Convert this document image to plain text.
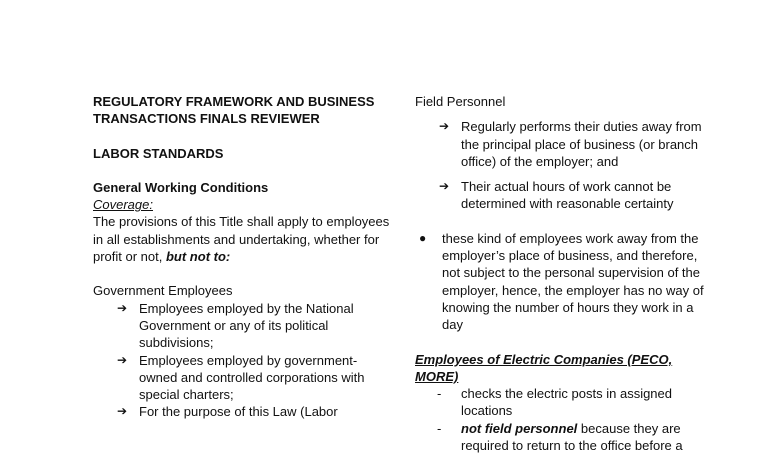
REGULATORY FRAMEWORK AND BUSINESS

TRANSACTIONS FINALS REVIEWER

LABOR STANDARDS

General Working Conditions

Coverage:

The provisions of this Title shall apply to employees in all establishments and undertaking, whether for profit or not, but not to:

Government Employees

➔ Employees employed by the National Government or any of its political subdivisions;
➔ Employees employed by government-owned and controlled corporations with special charters;
➔ For the purpose of this Law (Labor

Field Personnel

➔ Regularly performs their duties away from the principal place of business (or branch office) of the employer; and
➔ Their actual hours of work cannot be determined with reasonable certainty
● these kind of employees work away from the employer’s place of business, and therefore, not subject to the personal supervision of the employer, hence, the employer has no way of knowing the number of hours they work in a day

Employees of Electric Companies (PECO, MORE)

- checks the electric posts in assigned locations
- not field personnel because they are required to return to the office before a
